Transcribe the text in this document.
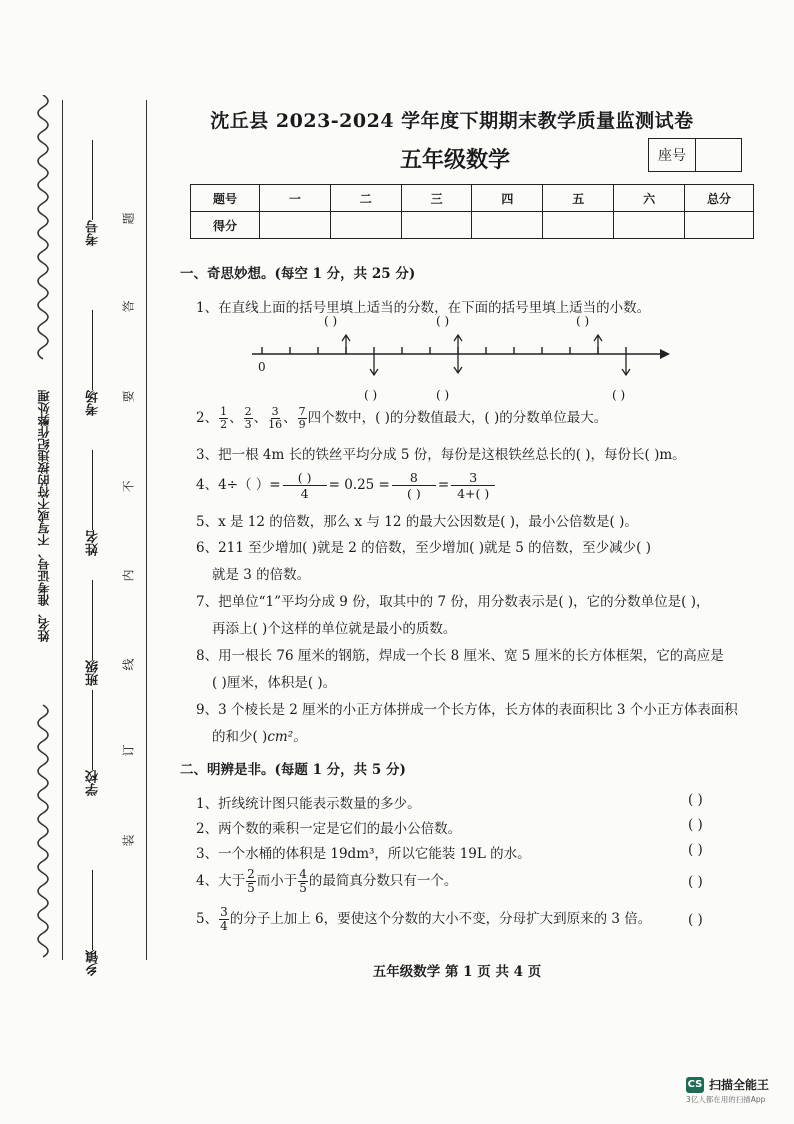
姓名、准考证号、不写或不符的按违纪作弊处理
乡镇
学校
班级
姓名
考场
考号
装
订
线
内
不
要
答
题
沈丘县 2023-2024 学年度下期期末教学质量监测试卷
五年级数学	座号
题号	一	二	三	四	五	六	总分
得分							
一、奇思妙想。(每空 1 分，共 25 分)
1、在直线上面的括号里填上适当的分数，在下面的括号里填上适当的小数。
( )	( )	( )
0
( )	( )	( )
2、 $\frac{1}{2}$ 、 $\frac{2}{3}$ 、 $\frac{3}{16}$ 、 $\frac{7}{9}$ 四个数中，( )的分数值最大，( )的分数单位最大。
3、把一根 4m 长的铁丝平均分成 5 份，每份是这根铁丝总长的( )，每份长( )m。
4、4÷（ ）=	( )
4
= 0.25 =	8
( )
= $\frac{3}{4+( )}$
5、x 是 12 的倍数，那么 x 与 12 的最大公因数是( )，最小公倍数是( )。
6、211 至少增加( )就是 2 的倍数，至少增加( )就是 5 的倍数，至少减少( )
就是 3 的倍数。
7、把单位“1”平均分成 9 份，取其中的 7 份，用分数表示是( )，它的分数单位是( )，
再添上( )个这样的单位就是最小的质数。
8、用一根长 76 厘米的钢筋，焊成一个长 8 厘米、宽 5 厘米的长方体框架，它的高应是
( )厘米，体积是( )。
9、3 个棱长是 2 厘米的小正方体拼成一个长方体，长方体的表面积比 3 个小正方体表面积
的和少( )cm²。
二、明辨是非。(每题 1 分，共 5 分)
1、折线统计图只能表示数量的多少。	( )
2、两个数的乘积一定是它们的最小公倍数。	( )
3、一个水桶的体积是 19dm³，所以它能装 19L 的水。	( )
4、大于 $\frac{2}{5}$ 而小于 $\frac{4}{5}$ 的最简真分数只有一个。	( )
5、 $\frac{3}{4}$ 的分子上加上 6，要使这个分数的大小不变，分母扩大到原来的 3 倍。	( )
五年级数学 第 1 页 共 4 页
CS 扫描全能王
3亿人都在用的扫描App
